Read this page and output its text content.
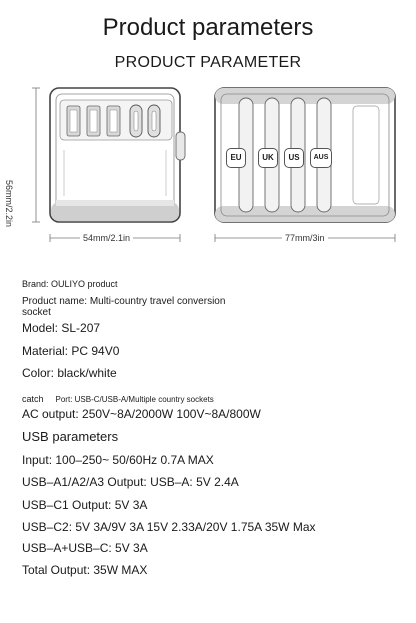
Product parameters
PRODUCT PARAMETER
56mm/2.2in
54mm/2.1in	77mm/3in
EU	UK	US	AUS
Brand: OULIYO product
Product name: Multi-country travel conversion
socket
Model: SL-207
Material: PC 94V0
Color: black/white
catch Port: USB-C/USB-A/Multiple country sockets
AC output: 250V~8A/2000W 100V~8A/800W
USB parameters
Input: 100–250~ 50/60Hz 0.7A MAX
USB–A1/A2/A3 Output: USB–A: 5V 2.4A
USB–C1 Output: 5V 3A
USB–C2: 5V 3A/9V 3A 15V 2.33A/20V 1.75A 35W Max
USB–A+USB–C: 5V 3A
Total Output: 35W MAX
